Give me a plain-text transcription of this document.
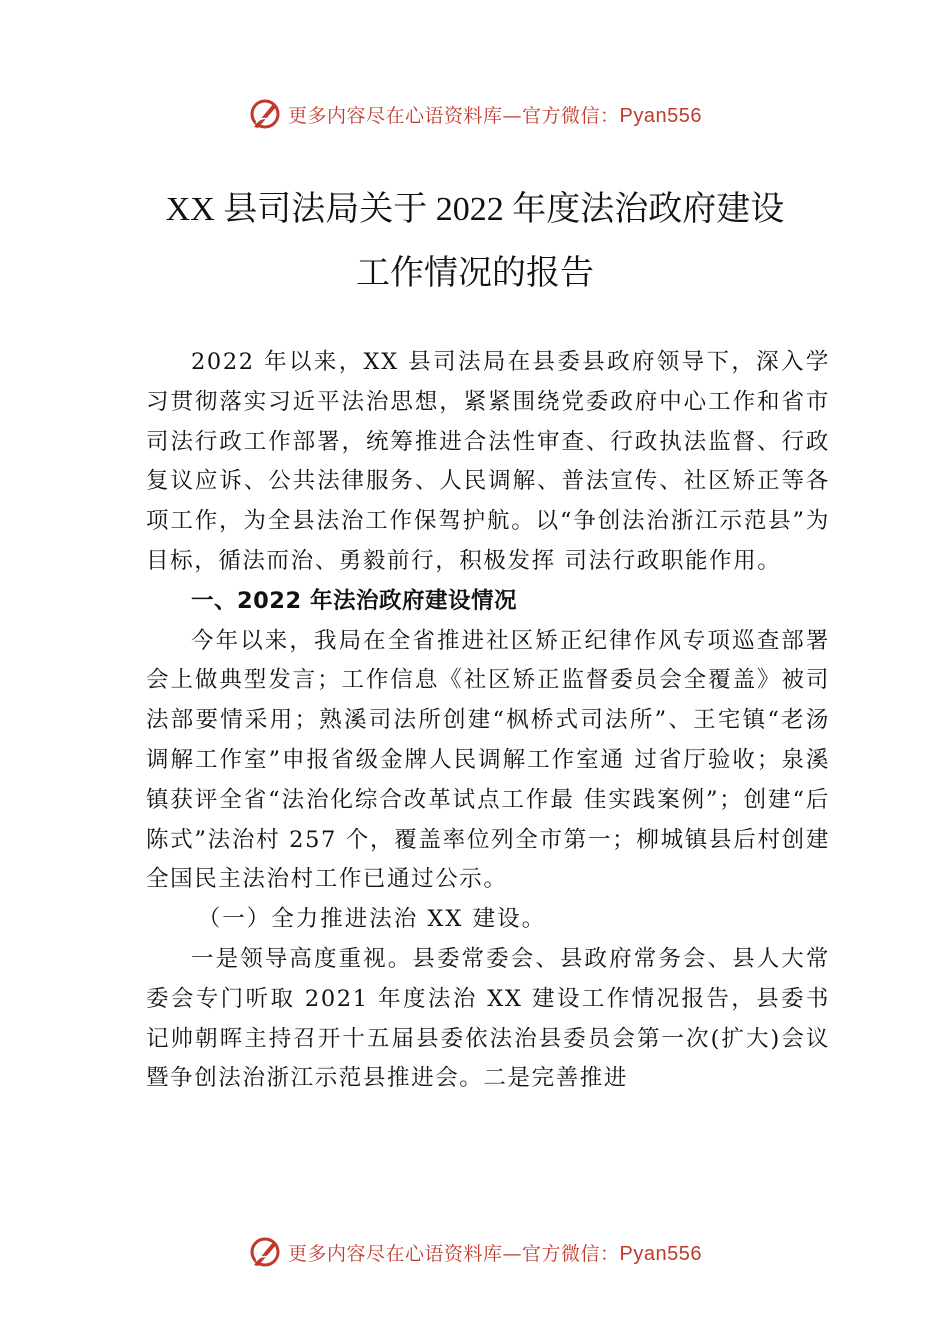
更多内容尽在心语资料库—官方微信：Pyan556
XX 县司法局关于 2022 年度法治政府建设
工作情况的报告

2022 年以来，XX 县司法局在县委县政府领导下，深入学习贯彻落实习近平法治思想，紧紧围绕党委政府中心工作和省市司法行政工作部署，统筹推进合法性审查、行政执法监督、行政复议应诉、公共法律服务、人民调解、普法宣传、社区矫正等各项工作，为全县法治工作保驾护航。以“争创法治浙江示范县”为目标，循法而治、勇毅前行，积极发挥 司法行政职能作用。

一、2022 年法治政府建设情况

今年以来，我局在全省推进社区矫正纪律作风专项巡查部署会上做典型发言；工作信息《社区矫正监督委员会全覆盖》被司法部要情采用；熟溪司法所创建“枫桥式司法所”、王宅镇“老汤调解工作室”申报省级金牌人民调解工作室通 过省厅验收；泉溪镇获评全省“法治化综合改革试点工作最 佳实践案例”；创建“后陈式”法治村 257 个，覆盖率位列全市第一；柳城镇县后村创建全国民主法治村工作已通过公示。

（一）全力推进法治 XX 建设。

一是领导高度重视。县委常委会、县政府常务会、县人大常委会专门听取 2021 年度法治 XX 建设工作情况报告，县委书记帅朝晖主持召开十五届县委依法治县委员会第一次(扩大)会议暨争创法治浙江示范县推进会。二是完善推进

更多内容尽在心语资料库—官方微信：Pyan556
